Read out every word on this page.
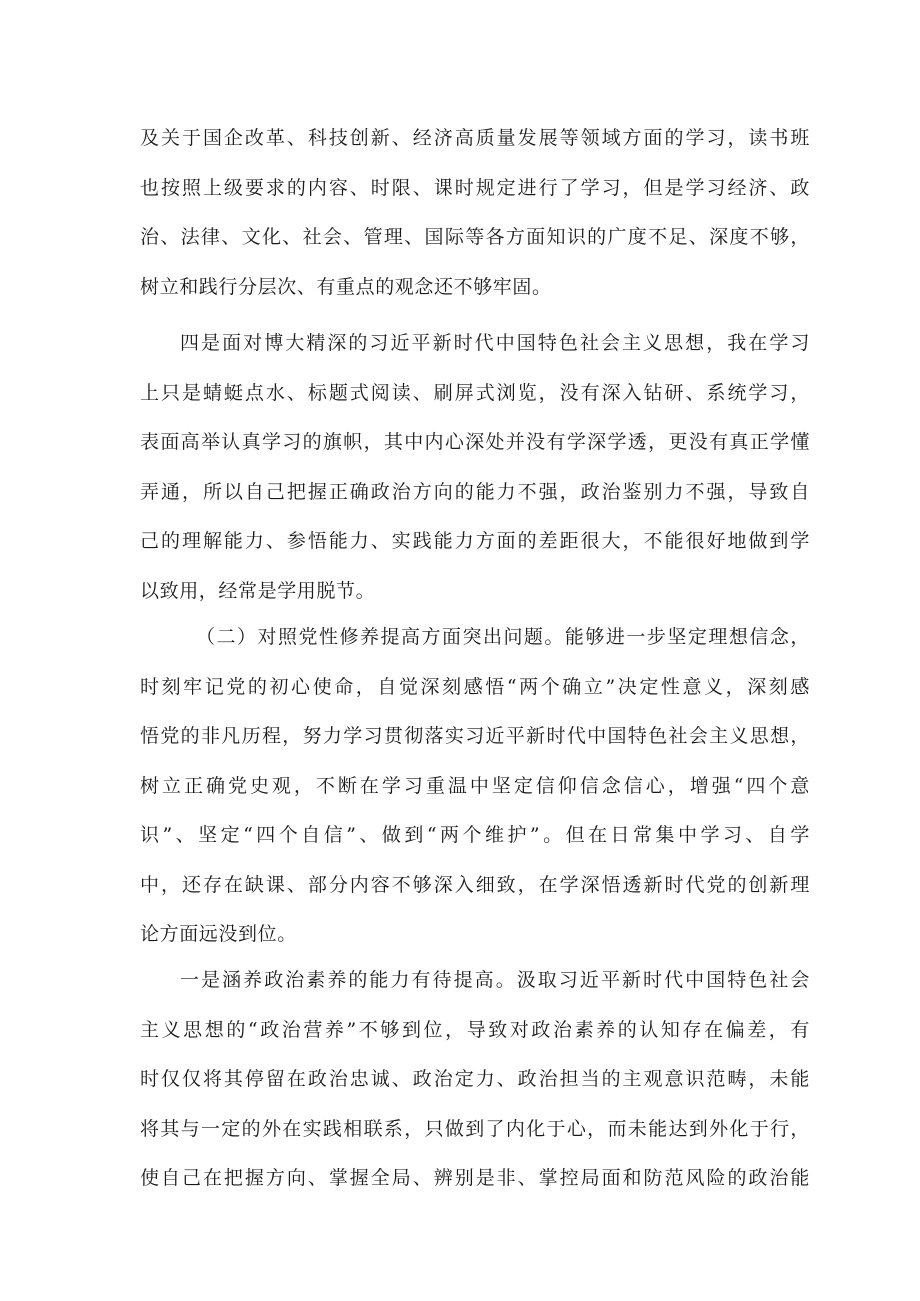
及关于国企改革、科技创新、经济高质量发展等领域方面的学习，读书班
也按照上级要求的内容、时限、课时规定进行了学习，但是学习经济、政
治、法律、文化、社会、管理、国际等各方面知识的广度不足、深度不够，
树立和践行分层次、有重点的观念还不够牢固。
四是面对博大精深的习近平新时代中国特色社会主义思想，我在学习
上只是蜻蜓点水、标题式阅读、刷屏式浏览，没有深入钻研、系统学习，
表面高举认真学习的旗帜，其中内心深处并没有学深学透，更没有真正学懂
弄通，所以自己把握正确政治方向的能力不强，政治鉴别力不强，导致自
己的理解能力、参悟能力、实践能力方面的差距很大，不能很好地做到学
以致用，经常是学用脱节。
（二）对照党性修养提高方面突出问题。能够进一步坚定理想信念，
时刻牢记党的初心使命，自觉深刻感悟“两个确立”决定性意义，深刻感
悟党的非凡历程，努力学习贯彻落实习近平新时代中国特色社会主义思想，
树立正确党史观，不断在学习重温中坚定信仰信念信心，增强“四个意
识”、坚定“四个自信”、做到“两个维护”。但在日常集中学习、自学
中，还存在缺课、部分内容不够深入细致，在学深悟透新时代党的创新理
论方面远没到位。
一是涵养政治素养的能力有待提高。汲取习近平新时代中国特色社会
主义思想的“政治营养”不够到位，导致对政治素养的认知存在偏差，有
时仅仅将其停留在政治忠诚、政治定力、政治担当的主观意识范畴，未能
将其与一定的外在实践相联系，只做到了内化于心，而未能达到外化于行，
使自己在把握方向、掌握全局、辨别是非、掌控局面和防范风险的政治能
